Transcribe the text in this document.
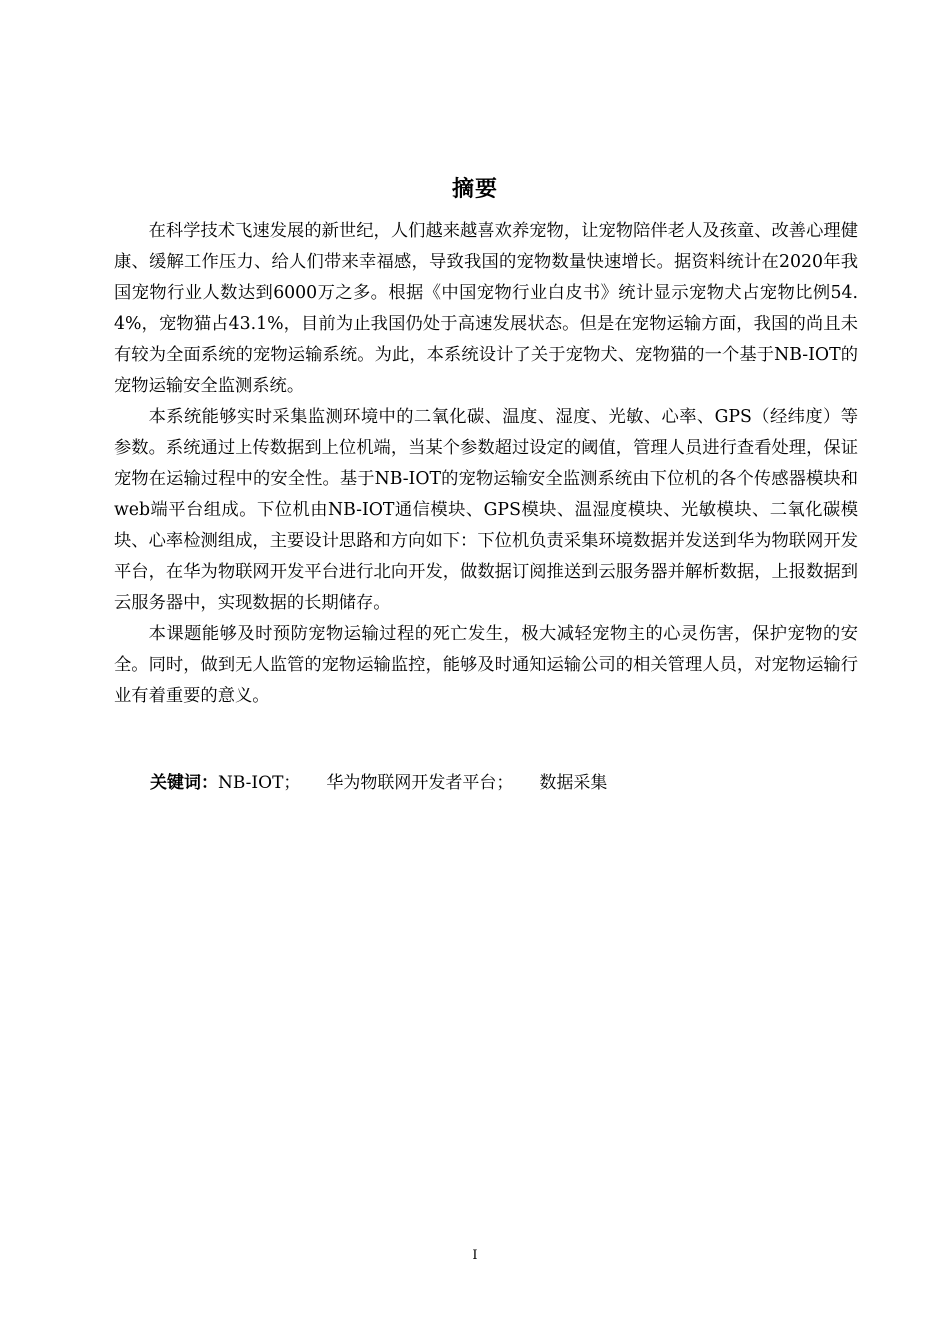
摘要

在科学技术飞速发展的新世纪，人们越来越喜欢养宠物，让宠物陪伴老人及孩童、改善心理健康、缓解工作压力、给人们带来幸福感，导致我国的宠物数量快速增长。据资料统计在2020年我国宠物行业人数达到6000万之多。根据《中国宠物行业白皮书》统计显示宠物犬占宠物比例54.4%，宠物猫占43.1%，目前为止我国仍处于高速发展状态。但是在宠物运输方面，我国的尚且未有较为全面系统的宠物运输系统。为此，本系统设计了关于宠物犬、宠物猫的一个基于NB-IOT的宠物运输安全监测系统。

本系统能够实时采集监测环境中的二氧化碳、温度、湿度、光敏、心率、GPS（经纬度）等参数。系统通过上传数据到上位机端，当某个参数超过设定的阈值，管理人员进行查看处理，保证宠物在运输过程中的安全性。基于NB-IOT的宠物运输安全监测系统由下位机的各个传感器模块和web端平台组成。下位机由NB-IOT通信模块、GPS模块、温湿度模块、光敏模块、二氧化碳模块、心率检测组成，主要设计思路和方向如下：下位机负责采集环境数据并发送到华为物联网开发平台，在华为物联网开发平台进行北向开发，做数据订阅推送到云服务器并解析数据，上报数据到云服务器中，实现数据的长期储存。

本课题能够及时预防宠物运输过程的死亡发生，极大减轻宠物主的心灵伤害，保护宠物的安全。同时，做到无人监管的宠物运输监控，能够及时通知运输公司的相关管理人员，对宠物运输行业有着重要的意义。

关键词：NB-IOT； 华为物联网开发者平台； 数据采集
I
